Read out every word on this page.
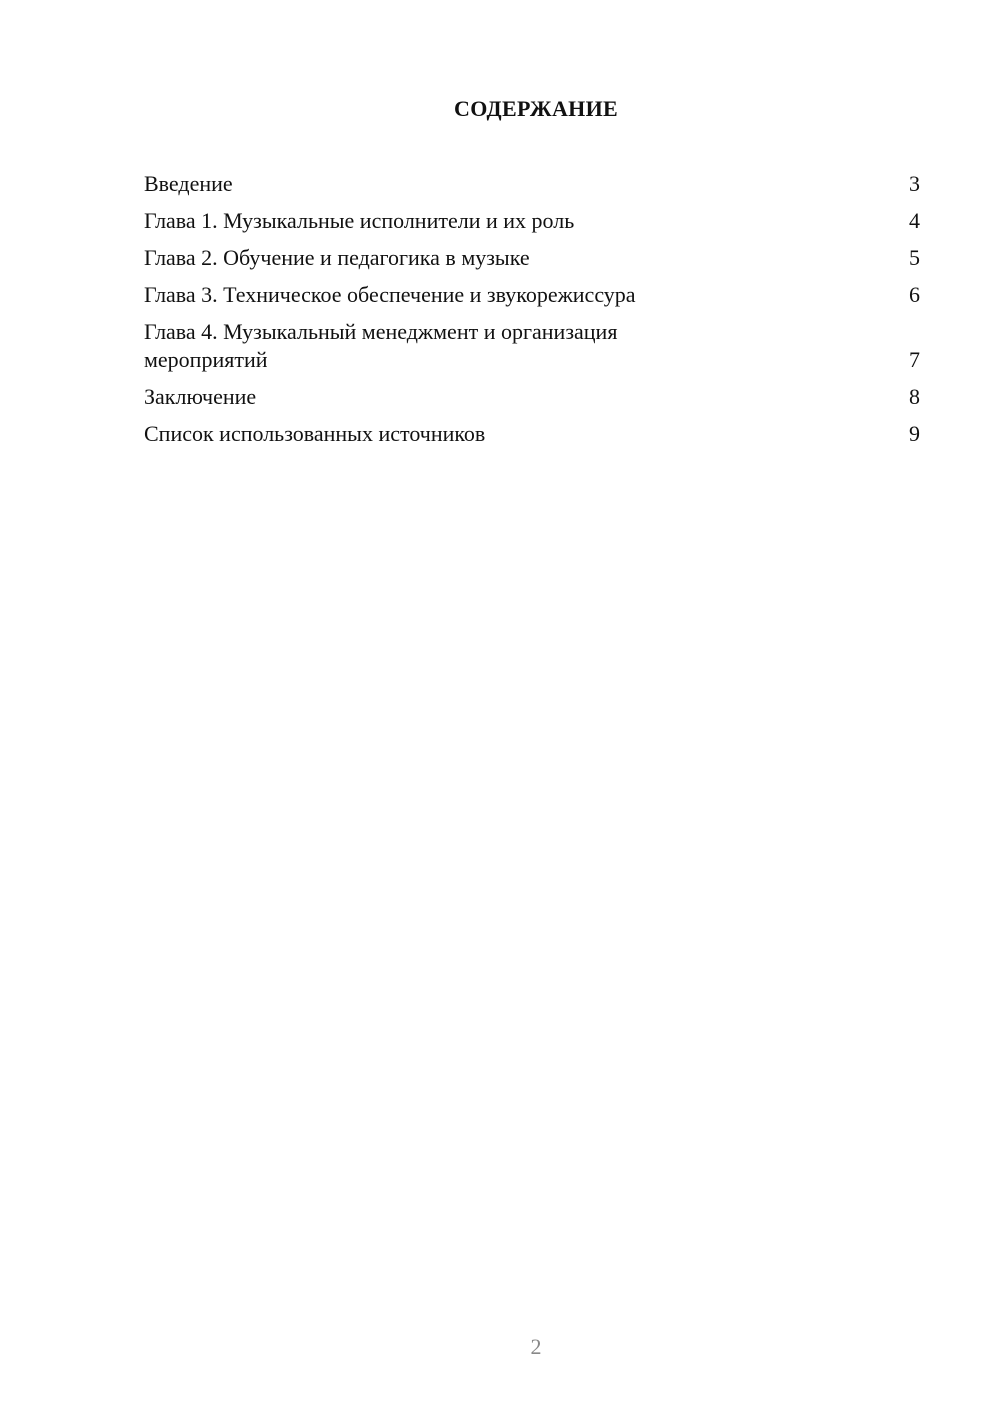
СОДЕРЖАНИЕ
Введение	3
Глава 1. Музыкальные исполнители и их роль	4
Глава 2. Обучение и педагогика в музыке	5
Глава 3. Техническое обеспечение и звукорежиссура	6
Глава 4. Музыкальный менеджмент и организация мероприятий	7
Заключение	8
Список использованных источников	9
2
